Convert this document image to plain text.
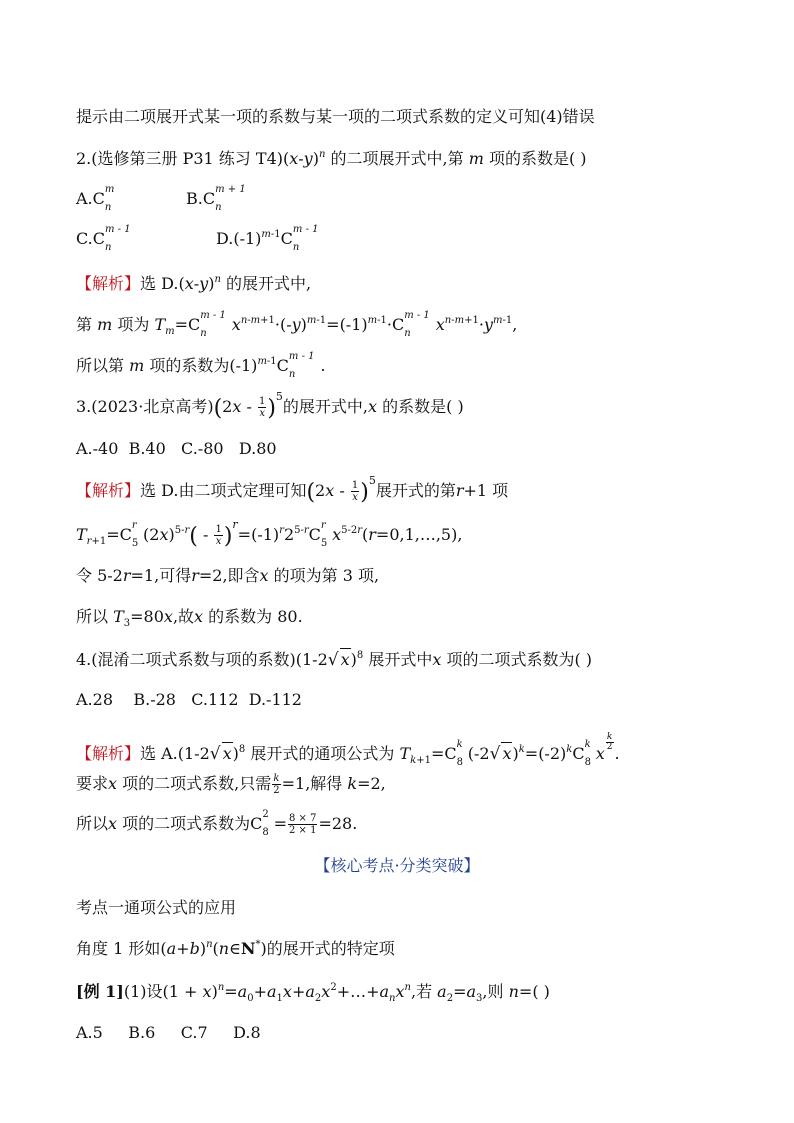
提示由二项展开式某一项的系数与某一项的二项式系数的定义可知(4)错误
2.(选修第三册 P31 练习 $T4)(x-y)^n$ 的二项展开式中,第 m 项的系数是( )
A.C m
n	B.C m + 1
n
C.C m - 1
n	$D.(-1)^{m-1}C$ m - 1
n
【解析】选 $D.(x-y)^n$ 的展开式中,
第 m 项为 $T_m=C$ m - 1
n $x^{n-m+1}\cdot(-y)^{m-1}=(-1)^{m-1}\cdot C$ m - 1
n $x^{n-m+1}\cdot y^{m-1}$,
所以第 m 项的系数为$(-1)^{m-1}C$ m - 1
n .
3.(2023·北京高考)$(2x - \frac{1}{x} )^5$的展开式中,x 的系数是( )
A.-40 B.40 C.-80 D.80
【解析】选 D.由二项式定理可知$(2x - \frac{1}{x} )^5$展开式的第r+1 项
$T_{r+1}=C$ r
5 $(2x)^{5-r}( - \frac{1}{x} )^r=(-1)^r2^{5-r}C$ r
5 $x^{5-2r}(r=0,1,\dots,5)$,
令 5-2r=1,可得r=2,即含x 的项为第 3 项,
所以 $T_3=80x$,故x 的系数为 80.
4.(混淆二项式系数与项的系数)(1-2√ x)$^8$ 展开式中x 项的二项式系数为( )
A.28 B.-28 C.112 D.-112
【解析】选 A.(1-2√ x)$^8$ 展开式的通项公式为 $T_{k+1}=C$ k
8 (-2√ $x)^k=(-2)^kC$ k
8 x
$\frac{k}{2}$
.
要求x 项的二项式系数,只需 $\frac{k}{2} =1$,解得 k=2,
所以x 项的二项式系数为C 2
$8 = \frac{8 \times 7}{2 \times 1} =28$.
【核心考点·分类突破】
考点一通项公式的应用
角度 1 形如$(a+b)^n(n\in N^*)$的展开式的特定项
[例 1](1)设$(1 + x)^n=a_0+a_1x+a_2x^2+\dots+a_nx^n$,若 $a_2=a_3$,则 n=( )
A.5 B.6 C.7 D.8
